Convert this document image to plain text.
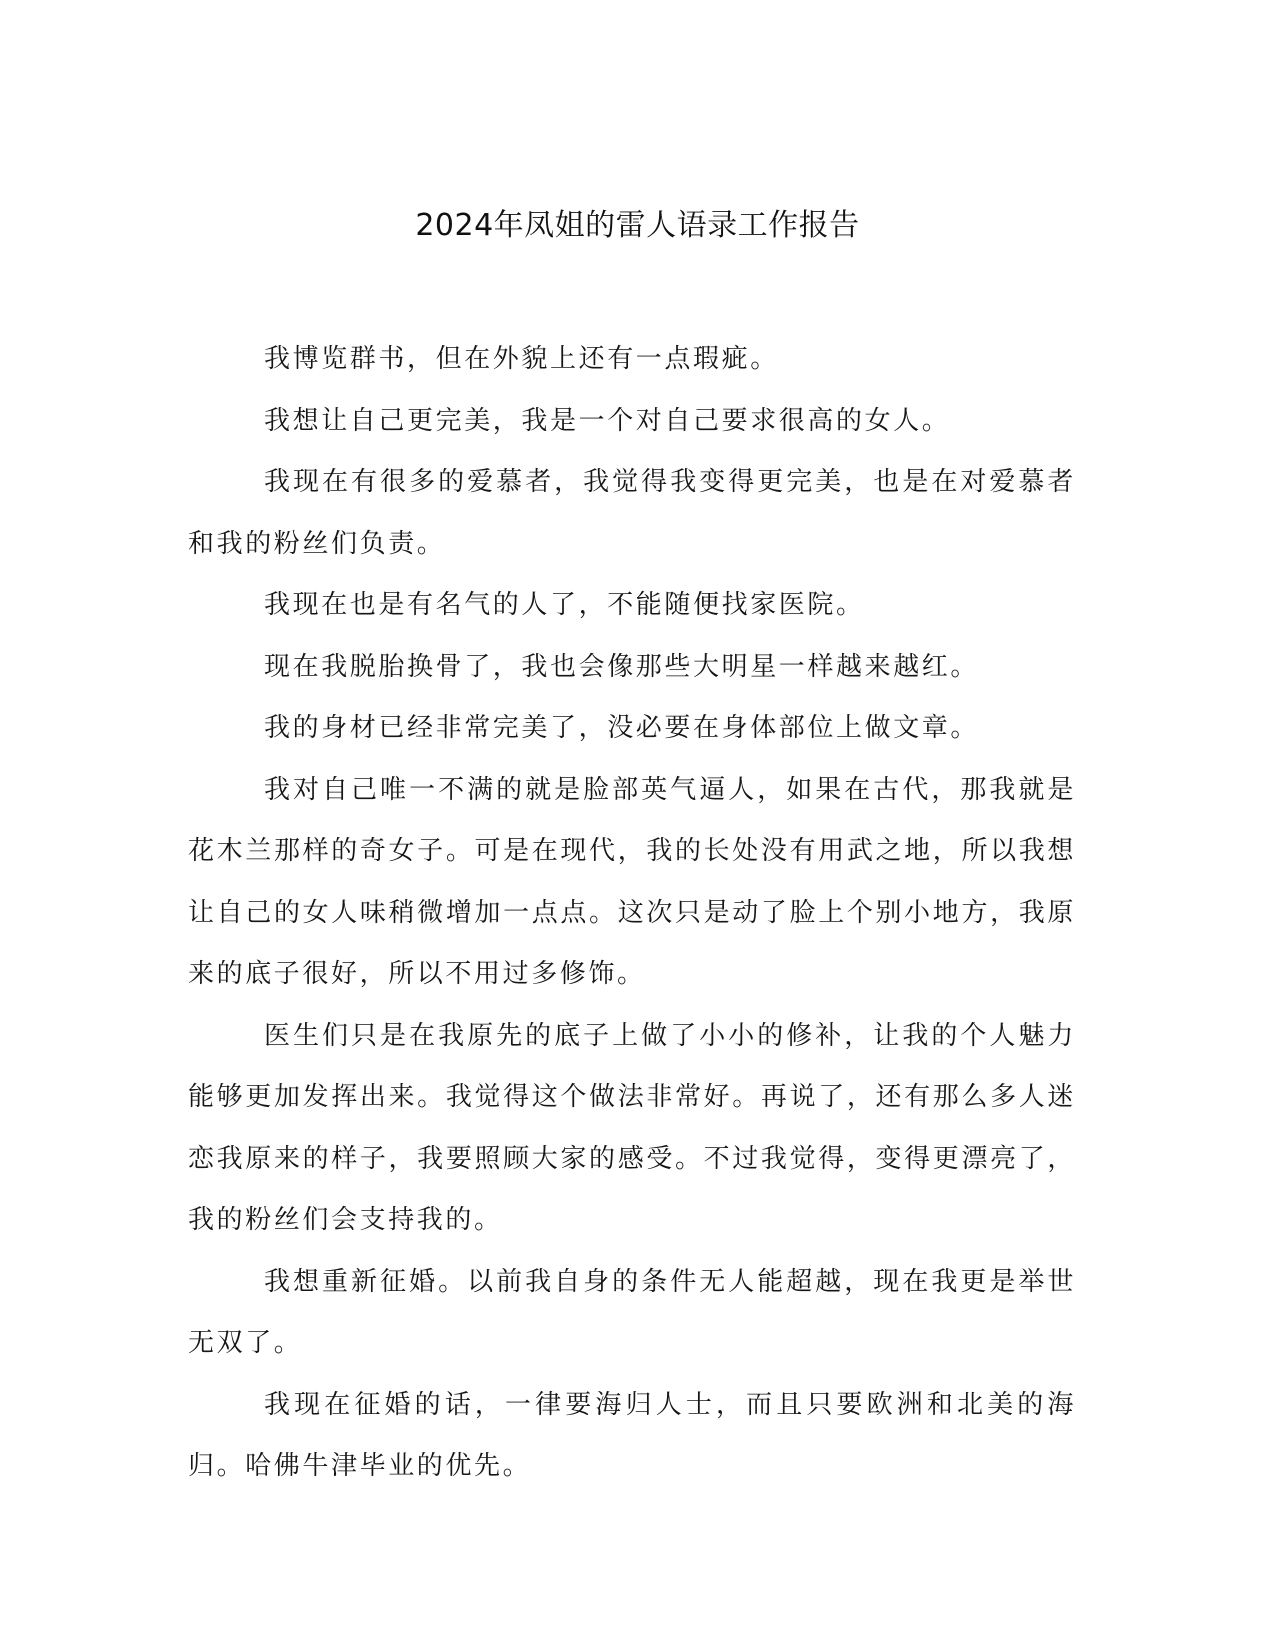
2024年凤姐的雷人语录工作报告

我博览群书，但在外貌上还有一点瑕疵。

我想让自己更完美，我是一个对自己要求很高的女人。

我现在有很多的爱慕者，我觉得我变得更完美，也是在对爱慕者和我的粉丝们负责。

我现在也是有名气的人了，不能随便找家医院。

现在我脱胎换骨了，我也会像那些大明星一样越来越红。

我的身材已经非常完美了，没必要在身体部位上做文章。

我对自己唯一不满的就是脸部英气逼人，如果在古代，那我就是花木兰那样的奇女子。可是在现代，我的长处没有用武之地，所以我想让自己的女人味稍微增加一点点。这次只是动了脸上个别小地方，我原来的底子很好，所以不用过多修饰。

医生们只是在我原先的底子上做了小小的修补，让我的个人魅力能够更加发挥出来。我觉得这个做法非常好。再说了，还有那么多人迷恋我原来的样子，我要照顾大家的感受。不过我觉得，变得更漂亮了，我的粉丝们会支持我的。

我想重新征婚。以前我自身的条件无人能超越，现在我更是举世无双了。

我现在征婚的话，一律要海归人士，而且只要欧洲和北美的海归。哈佛牛津毕业的优先。
